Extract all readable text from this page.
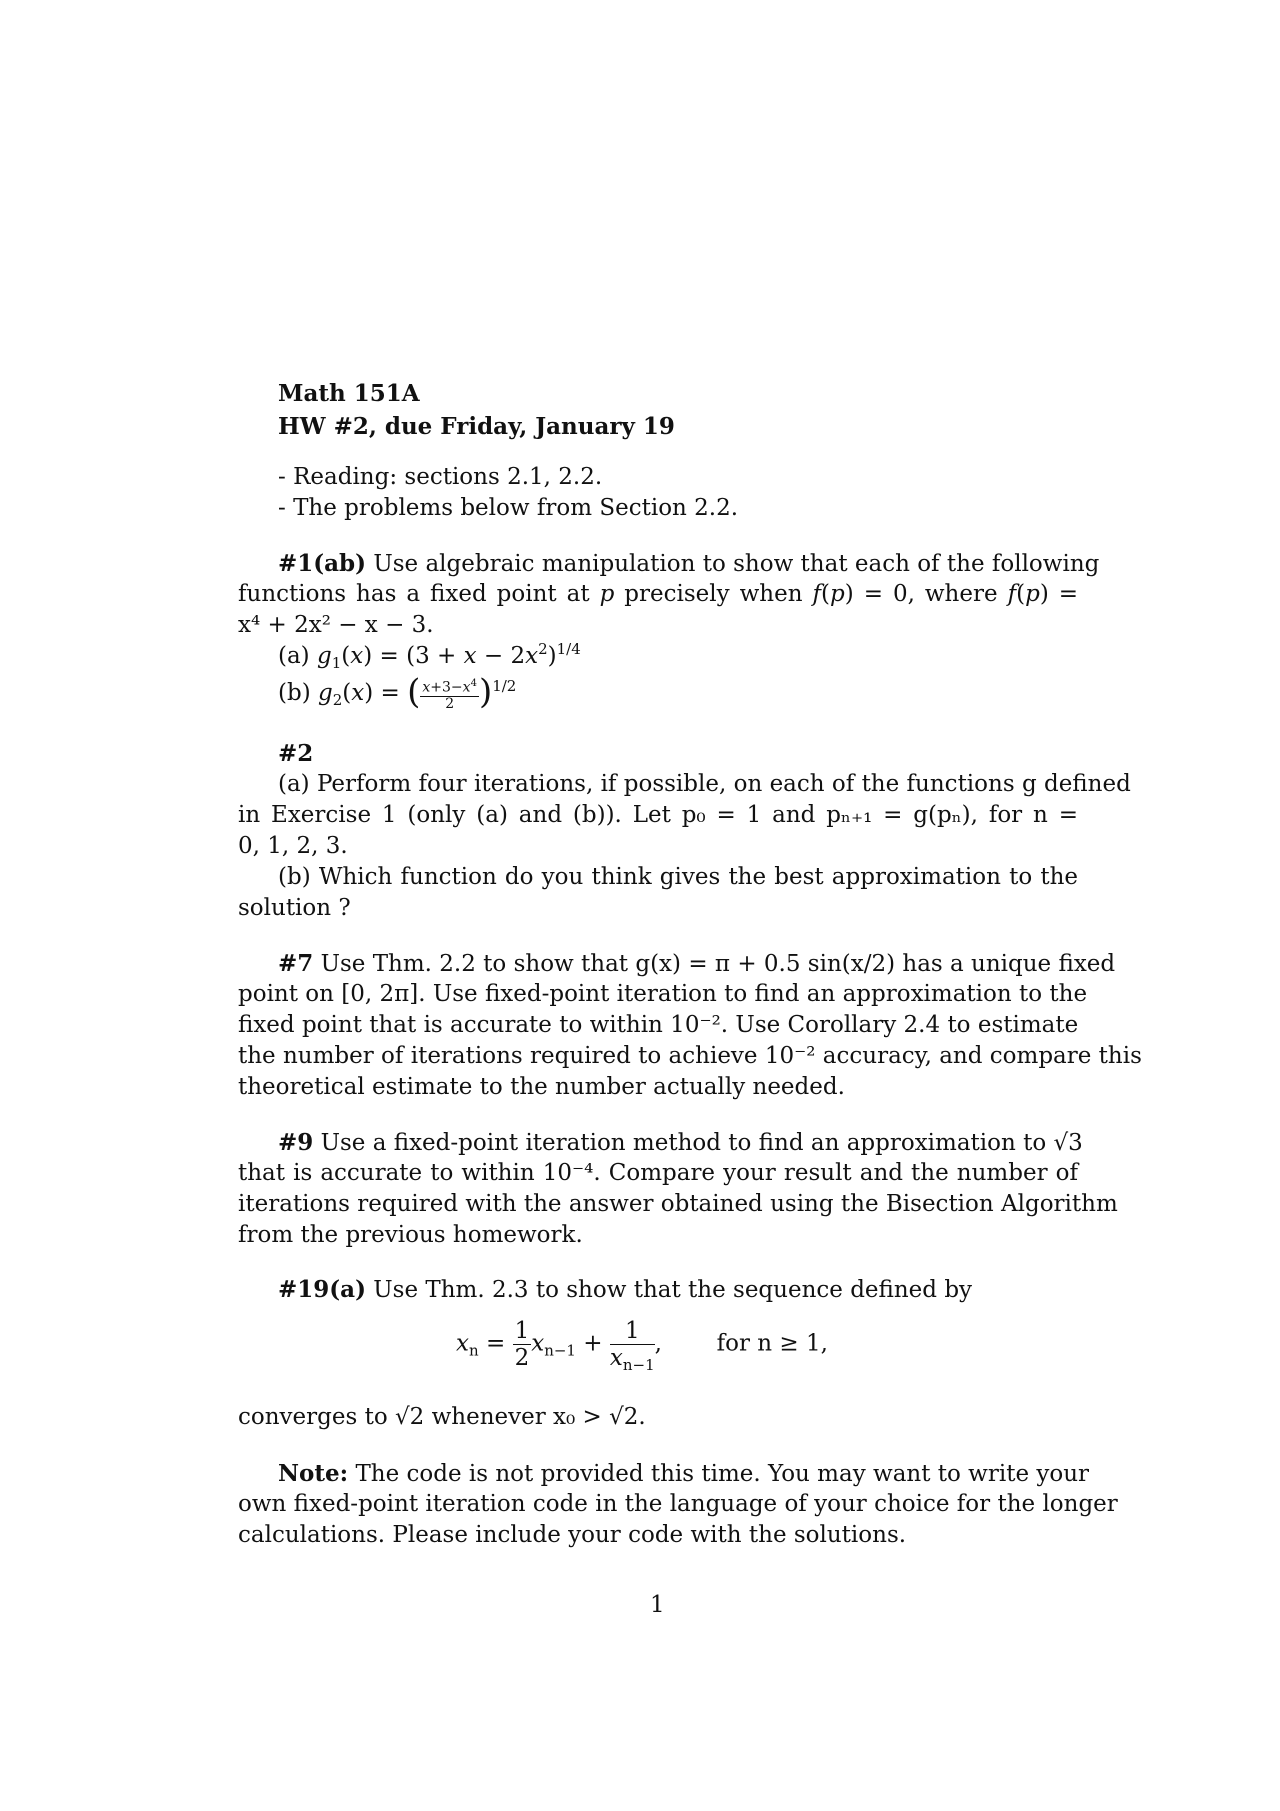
Math 151A
HW #2, due Friday, January 19
- Reading: sections 2.1, 2.2.
- The problems below from Section 2.2.
#1(ab) Use algebraic manipulation to show that each of the following
functions has a fixed point at p precisely when f(p) = 0, where f(p) =
x⁴ + 2x² − x − 3.
(a) $g_1(x) = (3 + x - 2x^2)^{1/4}$
(b) $g_2(x)$ = ( $\frac{x+3-x^4}{2} )^{1/2}$
#2
(a) Perform four iterations, if possible, on each of the functions g defined
in Exercise 1 (only (a) and (b)). Let p₀ = 1 and pₙ₊₁ = g(pₙ), for n =
0, 1, 2, 3.
(b) Which function do you think gives the best approximation to the
solution ?
#7 Use Thm. 2.2 to show that g(x) = π + 0.5 sin(x/2) has a unique fixed
point on [0, 2π]. Use fixed-point iteration to find an approximation to the
fixed point that is accurate to within 10⁻². Use Corollary 2.4 to estimate
the number of iterations required to achieve 10⁻² accuracy, and compare this
theoretical estimate to the number actually needed.
#9 Use a fixed-point iteration method to find an approximation to √3
that is accurate to within 10⁻⁴. Compare your result and the number of
iterations required with the answer obtained using the Bisection Algorithm
from the previous homework.
#19(a) Use Thm. 2.3 to show that the sequence defined by
$x_n = \frac{1}{2} x_{n-1} + \frac{1}{x_{n-1}}$ ,  for n ≥ 1,
converges to √2 whenever x₀ > √2.
Note: The code is not provided this time. You may want to write your
own fixed-point iteration code in the language of your choice for the longer
calculations. Please include your code with the solutions.
1
